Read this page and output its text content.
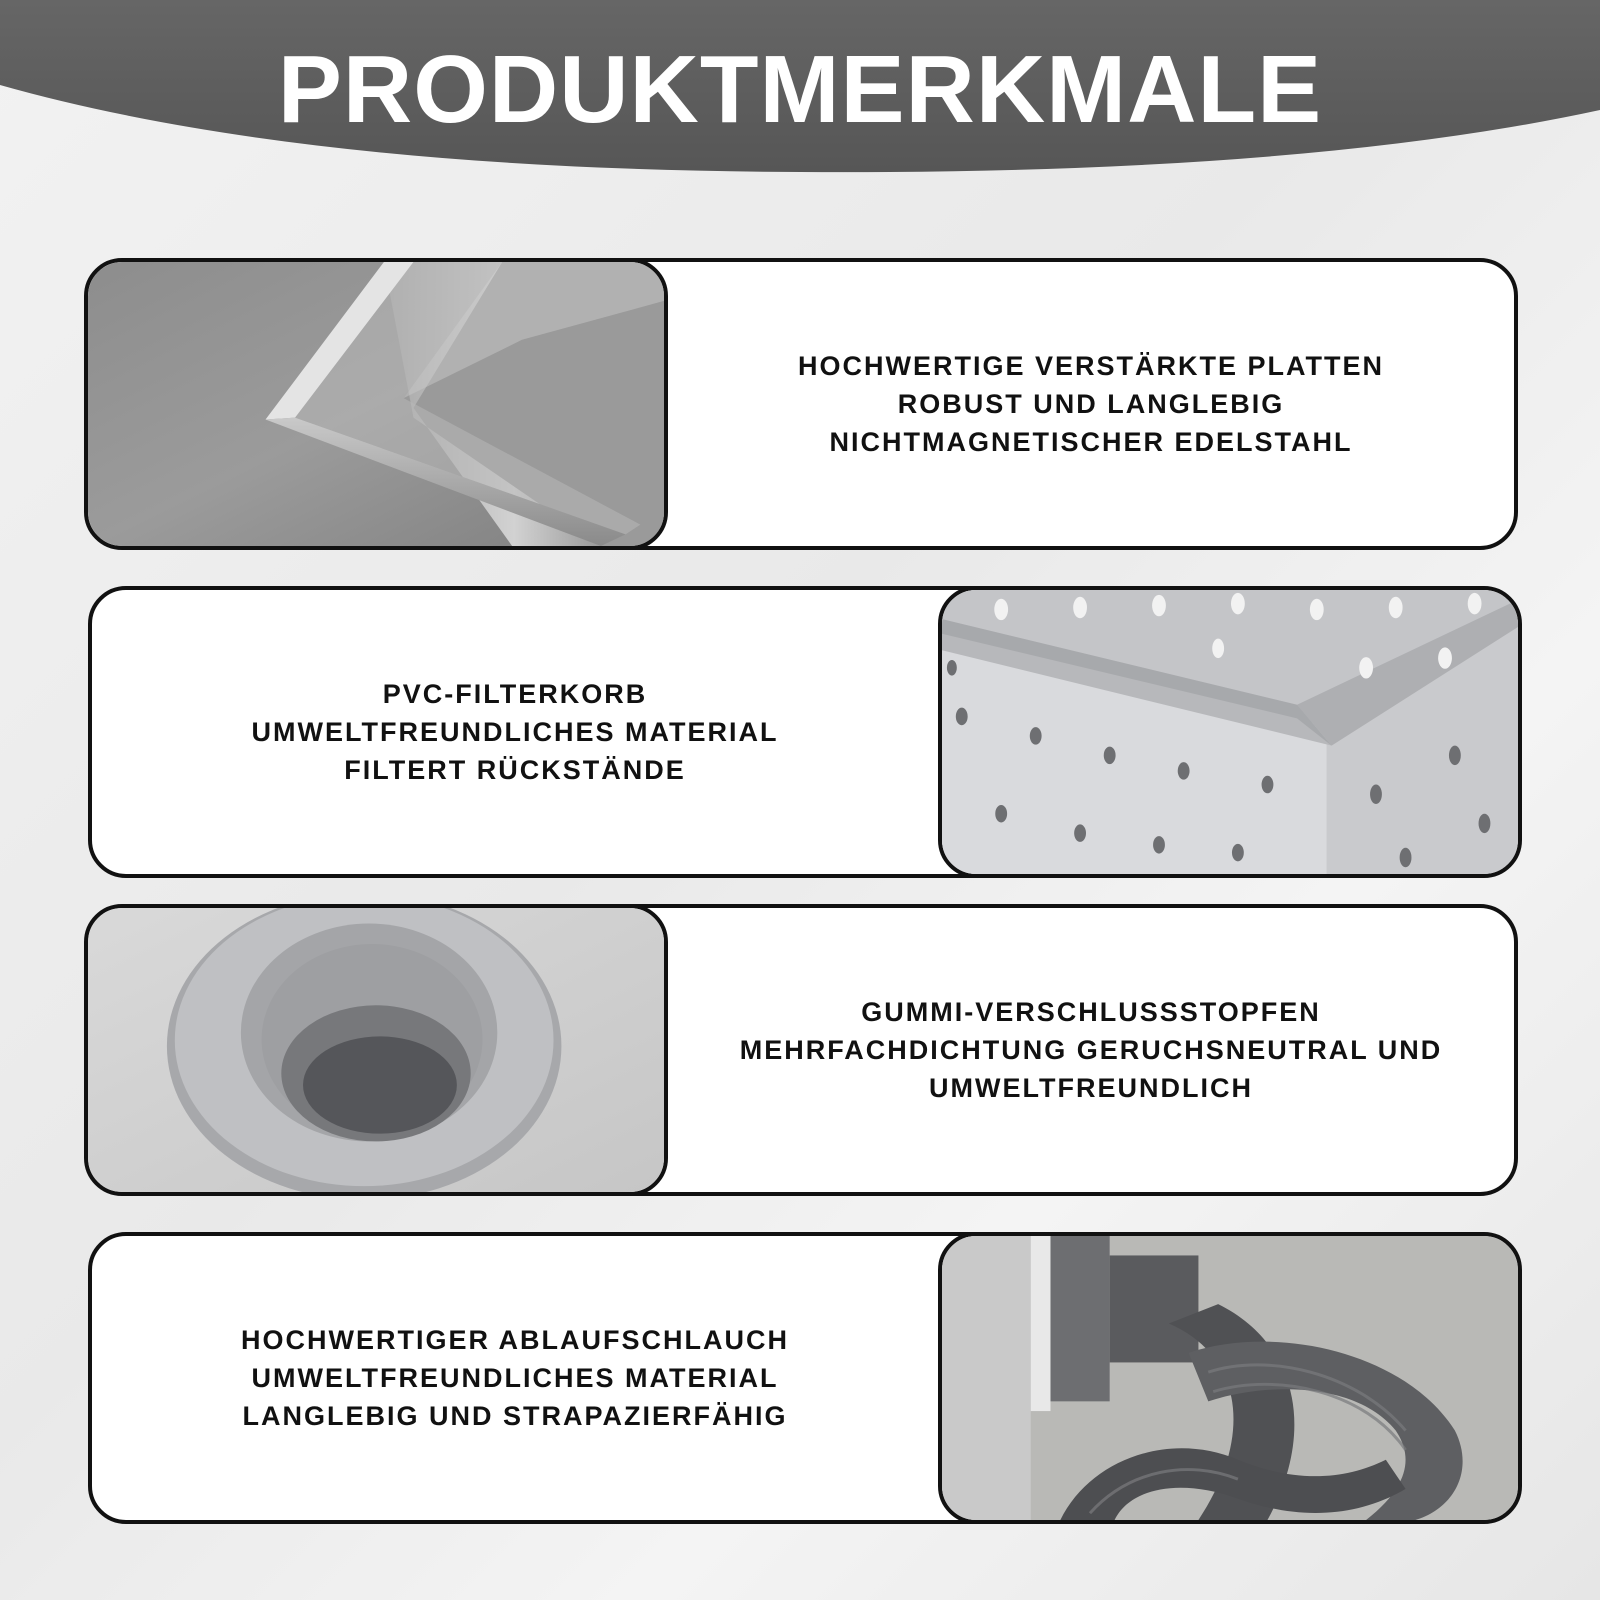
PRODUKTMERKMALE
HOCHWERTIGE VERSTÄRKTE PLATTEN
ROBUST UND LANGLEBIG
NICHTMAGNETISCHER EDELSTAHL
PVC-FILTERKORB
UMWELTFREUNDLICHES MATERIAL
FILTERT RÜCKSTÄNDE
GUMMI-VERSCHLUSSSTOPFEN
MEHRFACHDICHTUNG GERUCHSNEUTRAL UND
UMWELTFREUNDLICH
HOCHWERTIGER ABLAUFSCHLAUCH
UMWELTFREUNDLICHES MATERIAL
LANGLEBIG UND STRAPAZIERFÄHIG
